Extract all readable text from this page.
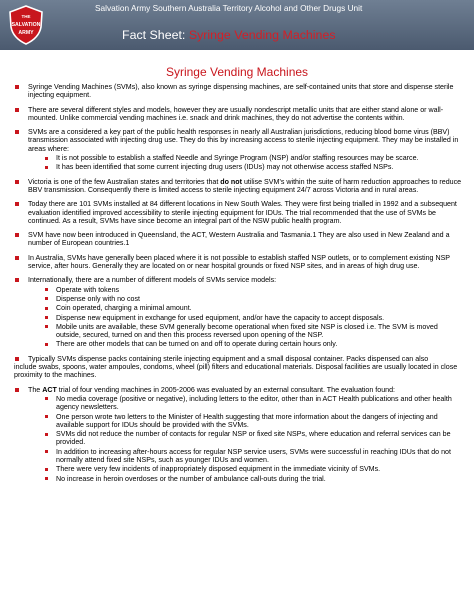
THE
SALVATION
ARMY
Salvation Army Southern Australia Territory Alcohol and Other Drugs Unit
Fact Sheet: Syringe Vending Machines
Syringe Vending Machines

Syringe Vending Machines (SVMs), also known as syringe dispensing machines, are self-contained units that store and dispense sterile injecting equipment.

There are several different styles and models, however they are usually nondescript metallic units that are either stand alone or wall-mounted. Unlike commercial vending machines i.e. snack and drink machines, they do not advertise the contents within.

SVMs are a considered a key part of the public health responses in nearly all Australian jurisdictions, reducing blood borne virus (BBV) transmission associated with injecting drug use. They do this by increasing access to sterile injecting equipment. They may be installed in areas where:

It is not possible to establish a staffed Needle and Syringe Program (NSP) and/or staffing resources may be scarce.
It has been identified that some current injecting drug users (IDUs) may not otherwise access staffed NSPs.

Victoria is one of the few Australian states and territories that do not utilise SVM’s within the suite of harm reduction approaches to reduce BBV transmission. Consequently there is limited access to sterile injecting equipment 24/7 across Victoria and in rural areas.

Today there are 101 SVMs installed at 84 different locations in New South Wales. They were first being trialled in 1992 and a subsequent evaluation identified improved accessibility to sterile injecting equipment for IDUs. The trial recommended that the use of SVMs be continued. As a result, SVMs have since become an integral part of the NSW public health program.

SVM have now been introduced in Queensland, the ACT, Western Australia and Tasmania.1 They are also used in New Zealand and a number of European countries.1

In Australia, SVMs have generally been placed where it is not possible to establish staffed NSP outlets, or to complement existing NSP service, after hours. Generally they are located on or near hospital grounds or fixed NSP sites, and in areas of high drug use.

Internationally, there are a number of different models of SVMs service models:

Operate with tokens
Dispense only with no cost
Coin operated, charging a minimal amount.
Dispense new equipment in exchange for used equipment, and/or have the capacity to accept disposals.
Mobile units are available, these SVM generally become operational when fixed site NSP is closed i.e. The SVM is moved outside, secured, turned on and then this process reversed upon opening of the NSP.
There are other models that can be turned on and off to operate during certain hours only.

Typically SVMs dispense packs containing sterile injecting equipment and a small disposal container. Packs dispensed can also

include swabs, spoons, water ampoules, condoms, wheel (pill) filters and educational materials. Disposal facilities are usually located in close proximity to the machines.

The ACT trial of four vending machines in 2005-2006 was evaluated by an external consultant. The evaluation found:

No media coverage (positive or negative), including letters to the editor, other than in ACT Health publications and other health agency newsletters.
One person wrote two letters to the Minister of Health suggesting that more information about the dangers of injecting and available support for IDUs should be provided with the SVMs.
SVMs did not reduce the number of contacts for regular NSP or fixed site NSPs, where education and referral services can be provided.
In addition to increasing after-hours access for regular NSP service users, SVMs were successful in reaching IDUs that do not normally attend fixed site NSPs, such as younger IDUs and women.
There were very few incidents of inappropriately disposed equipment in the immediate vicinity of SVMs.
No increase in heroin overdoses or the number of ambulance call-outs during the trial.
